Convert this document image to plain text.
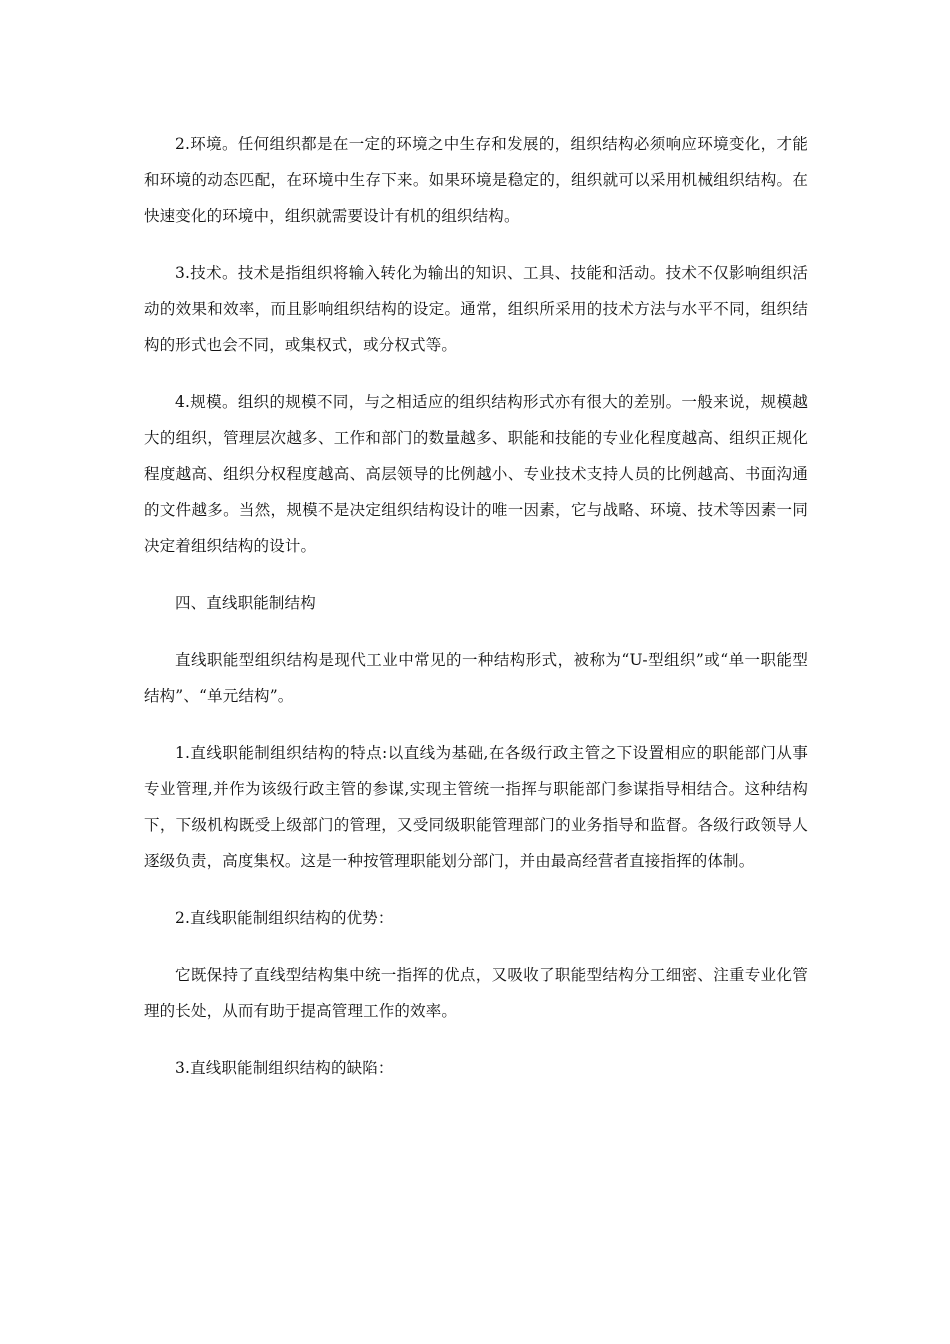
2.环境。任何组织都是在一定的环境之中生存和发展的，组织结构必须响应环境变化，才能和环境的动态匹配，在环境中生存下来。如果环境是稳定的，组织就可以采用机械组织结构。在快速变化的环境中，组织就需要设计有机的组织结构。

3.技术。技术是指组织将输入转化为输出的知识、工具、技能和活动。技术不仅影响组织活动的效果和效率，而且影响组织结构的设定。通常，组织所采用的技术方法与水平不同，组织结构的形式也会不同，或集权式，或分权式等。

4.规模。组织的规模不同，与之相适应的组织结构形式亦有很大的差别。一般来说，规模越大的组织，管理层次越多、工作和部门的数量越多、职能和技能的专业化程度越高、组织正规化程度越高、组织分权程度越高、高层领导的比例越小、专业技术支持人员的比例越高、书面沟通的文件越多。当然，规模不是决定组织结构设计的唯一因素，它与战略、环境、技术等因素一同决定着组织结构的设计。

四、直线职能制结构

直线职能型组织结构是现代工业中常见的一种结构形式，被称为“U-型组织”或“单一职能型结构”、“单元结构”。

1.直线职能制组织结构的特点:以直线为基础,在各级行政主管之下设置相应的职能部门从事专业管理,并作为该级行政主管的参谋,实现主管统一指挥与职能部门参谋指导相结合。这种结构下，下级机构既受上级部门的管理，又受同级职能管理部门的业务指导和监督。各级行政领导人逐级负责，高度集权。这是一种按管理职能划分部门，并由最高经营者直接指挥的体制。

2.直线职能制组织结构的优势：

它既保持了直线型结构集中统一指挥的优点，又吸收了职能型结构分工细密、注重专业化管理的长处，从而有助于提高管理工作的效率。

3.直线职能制组织结构的缺陷：
